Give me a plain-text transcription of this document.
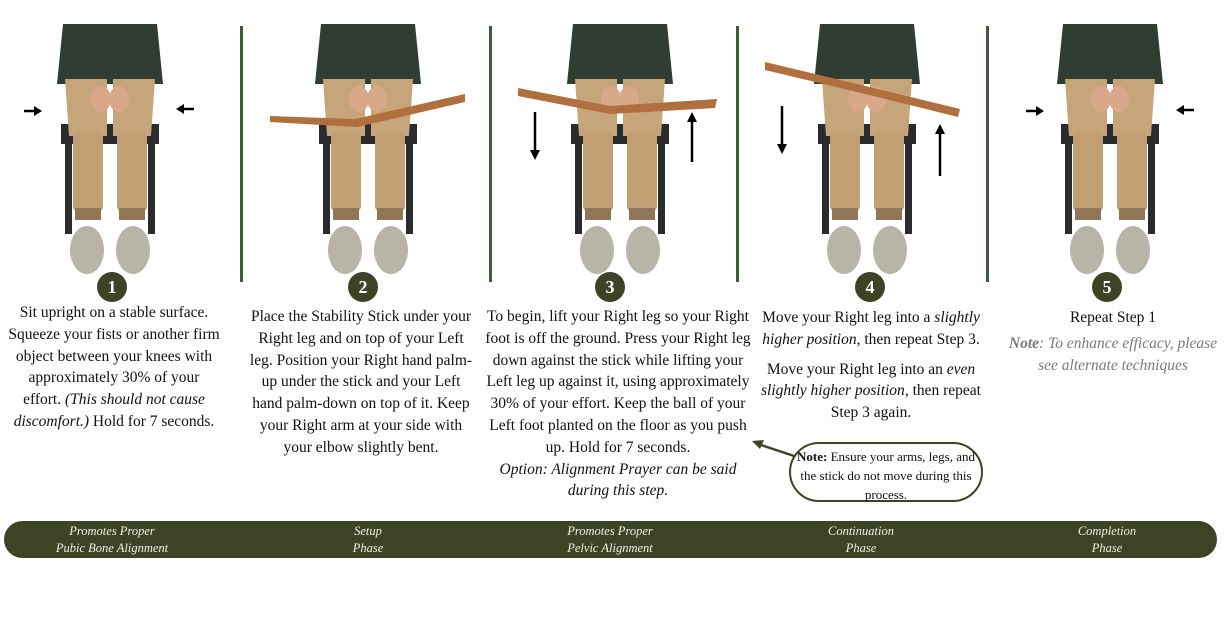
1	2	3	4	5
Sit upright on a stable surface. Squeeze your fists or another firm object between your knees with approximately 30% of your effort. (This should not cause discomfort.) Hold for 7 seconds.
Place the Stability Stick under your Right leg and on top of your Left leg. Position your Right hand palm-up under the stick and your Left hand palm-down on top of it. Keep your Right arm at your side with your elbow slightly bent.
To begin, lift your Right leg so your Right foot is off the ground. Press your Right leg down against the stick while lifting your Left leg up against it, using approximately 30% of your effort. Keep the ball of your Left foot planted on the floor as you push up. Hold for 7 seconds.
Option: Alignment Prayer can be said during this step.

Move your Right leg into a slightly higher position, then repeat Step 3.

Move your Right leg into an even slightly higher position, then repeat Step 3 again.

Repeat Step 1

Note: To enhance efficacy, please see alternate techniques

Note: Ensure your arms, legs, and the stick do not move during this process.
Promotes Proper
Pubic Bone Alignment
Setup
Phase
Promotes Proper
Pelvic Alignment
Continuation
Phase
Completion
Phase
